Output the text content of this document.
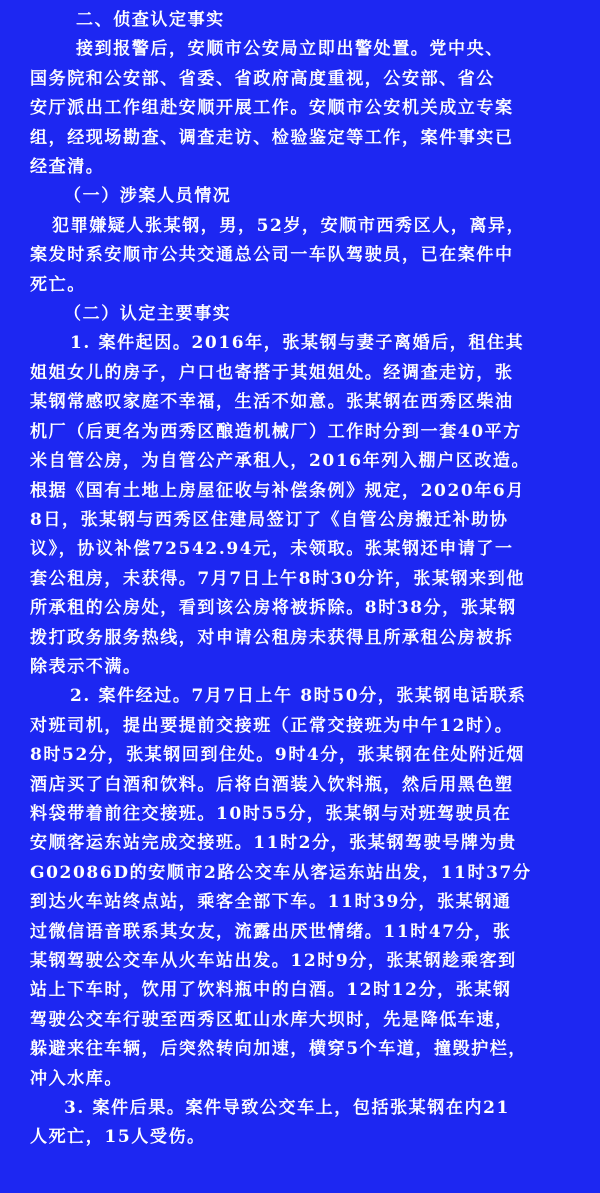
二、侦查认定事实
接到报警后，安顺市公安局立即出警处置。党中央、
国务院和公安部、省委、省政府高度重视，公安部、省公
安厅派出工作组赴安顺开展工作。安顺市公安机关成立专案
组，经现场勘查、调查走访、检验鉴定等工作，案件事实已
经查清。
（一）涉案人员情况
犯罪嫌疑人张某钢，男，52岁，安顺市西秀区人，离异，
案发时系安顺市公共交通总公司一车队驾驶员，已在案件中
死亡。
（二）认定主要事实
1. 案件起因。2016年，张某钢与妻子离婚后，租住其
姐姐女儿的房子，户口也寄搭于其姐姐处。经调查走访，张
某钢常感叹家庭不幸福，生活不如意。张某钢在西秀区柴油
机厂（后更名为西秀区酿造机械厂）工作时分到一套40平方
米自管公房，为自管公产承租人，2016年列入棚户区改造。
根据《国有土地上房屋征收与补偿条例》规定，2020年6月
8日，张某钢与西秀区住建局签订了《自管公房搬迁补助协
议》，协议补偿72542.94元，未领取。张某钢还申请了一
套公租房，未获得。7月7日上午8时30分许，张某钢来到他
所承租的公房处，看到该公房将被拆除。8时38分，张某钢
拨打政务服务热线，对申请公租房未获得且所承租公房被拆
除表示不满。
2. 案件经过。7月7日上午 8时50分，张某钢电话联系
对班司机，提出要提前交接班（正常交接班为中午12时）。
8时52分，张某钢回到住处。9时4分，张某钢在住处附近烟
酒店买了白酒和饮料。后将白酒装入饮料瓶，然后用黑色塑
料袋带着前往交接班。10时55分，张某钢与对班驾驶员在
安顺客运东站完成交接班。11时2分，张某钢驾驶号牌为贵
G02086D的安顺市2路公交车从客运东站出发，11时37分
到达火车站终点站，乘客全部下车。11时39分，张某钢通
过微信语音联系其女友，流露出厌世情绪。11时47分，张
某钢驾驶公交车从火车站出发。12时9分，张某钢趁乘客到
站上下车时，饮用了饮料瓶中的白酒。12时12分，张某钢
驾驶公交车行驶至西秀区虹山水库大坝时，先是降低车速，
躲避来往车辆，后突然转向加速，横穿5个车道，撞毁护栏，
冲入水库。
3. 案件后果。案件导致公交车上，包括张某钢在内21
人死亡，15人受伤。
